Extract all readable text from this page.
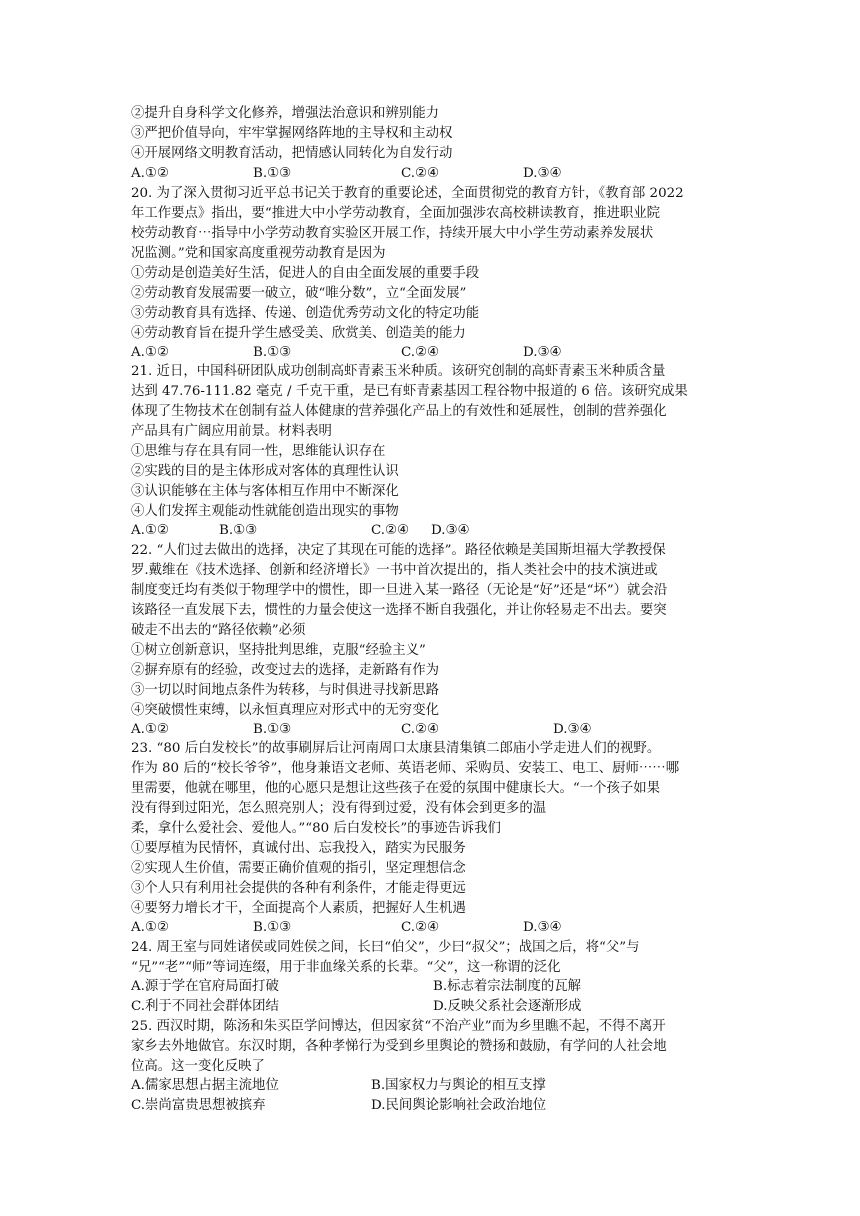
②提升自身科学文化修养，增强法治意识和辨别能力
③严把价值导向，牢牢掌握网络阵地的主导权和主动权
④开展网络文明教育活动，把情感认同转化为自发行动
A.①②	B.①③	C.②④	D.③④
20. 为了深入贯彻习近平总书记关于教育的重要论述，全面贯彻党的教育方针，《教育部 2022
年工作要点》指出，要“推进大中小学劳动教育，全面加强涉农高校耕读教育，推进职业院
校劳动教育⋯指导中小学劳动教育实验区开展工作，持续开展大中小学生劳动素养发展状
况监测。”党和国家高度重视劳动教育是因为
①劳动是创造美好生活，促进人的自由全面发展的重要手段
②劳动教育发展需要一破立，破“唯分数”，立“全面发展”
③劳动教育具有选择、传递、创造优秀劳动文化的特定功能
④劳动教育旨在提升学生感受美、欣赏美、创造美的能力
A.①②	B.①③	C.②④	D.③④
21. 近日，中国科研团队成功创制高虾青素玉米种质。该研究创制的高虾青素玉米种质含量
达到 47.76-111.82 毫克 / 千克干重，是已有虾青素基因工程谷物中报道的 6 倍。该研究成果
体现了生物技术在创制有益人体健康的营养强化产品上的有效性和延展性，创制的营养强化
产品具有广阔应用前景。材料表明
①思维与存在具有同一性，思维能认识存在
②实践的目的是主体形成对客体的真理性认识
③认识能够在主体与客体相互作用中不断深化
④人们发挥主观能动性就能创造出现实的事物
A.①②	B.①③	C.②④ D.③④
22. “人们过去做出的选择，决定了其现在可能的选择”。路径依赖是美国斯坦福大学教授保
罗.戴维在《技术选择、创新和经济增长》一书中首次提出的，指人类社会中的技术演进或
制度变迁均有类似于物理学中的惯性，即一旦进入某一路径（无论是“好”还是“坏”）就会沿
该路径一直发展下去，惯性的力量会使这一选择不断自我强化，并让你轻易走不出去。要突
破走不出去的“路径依赖”必须
①树立创新意识，坚持批判思维，克服“经验主义”
②摒弃原有的经验，改变过去的选择，走新路有作为
③一切以时间地点条件为转移，与时俱进寻找新思路
④突破惯性束缚，以永恒真理应对形式中的无穷变化
A.①②	B.①③	C.②④	D.③④
23. “80 后白发校长”的故事刷屏后让河南周口太康县清集镇二郎庙小学走进人们的视野。
作为 80 后的“校长爷爷”，他身兼语文老师、英语老师、采购员、安装工、电工、厨师⋯⋯哪
里需要，他就在哪里，他的心愿只是想让这些孩子在爱的氛围中健康长大。“一个孩子如果
没有得到过阳光，怎么照亮别人；没有得到过爱，没有体会到更多的温
柔，拿什么爱社会、爱他人。”“80 后白发校长”的事迹告诉我们
①要厚植为民情怀，真诚付出、忘我投入，踏实为民服务
②实现人生价值，需要正确价值观的指引，坚定理想信念
③个人只有利用社会提供的各种有利条件，才能走得更远
④要努力增长才干，全面提高个人素质，把握好人生机遇
A.①②	B.①③	C.②④	D.③④
24. 周王室与同姓诸侯或同姓侯之间，长曰“伯父”，少曰“叔父”；战国之后，将“父”与
“兄”“老”“师”等词连缀，用于非血缘关系的长辈。“父”，这一称谓的泛化
A.源于学在官府局面打破	B.标志着宗法制度的瓦解
C.利于不同社会群体团结	D.反映父系社会逐渐形成
25. 西汉时期，陈汤和朱买臣学问博达，但因家贫“不治产业”而为乡里瞧不起，不得不离开
家乡去外地做官。东汉时期，各种孝悌行为受到乡里舆论的赞扬和鼓励，有学问的人社会地
位高。这一变化反映了
A.儒家思想占据主流地位	B.国家权力与舆论的相互支撑
C.崇尚富贵思想被摈弃	D.民间舆论影响社会政治地位
